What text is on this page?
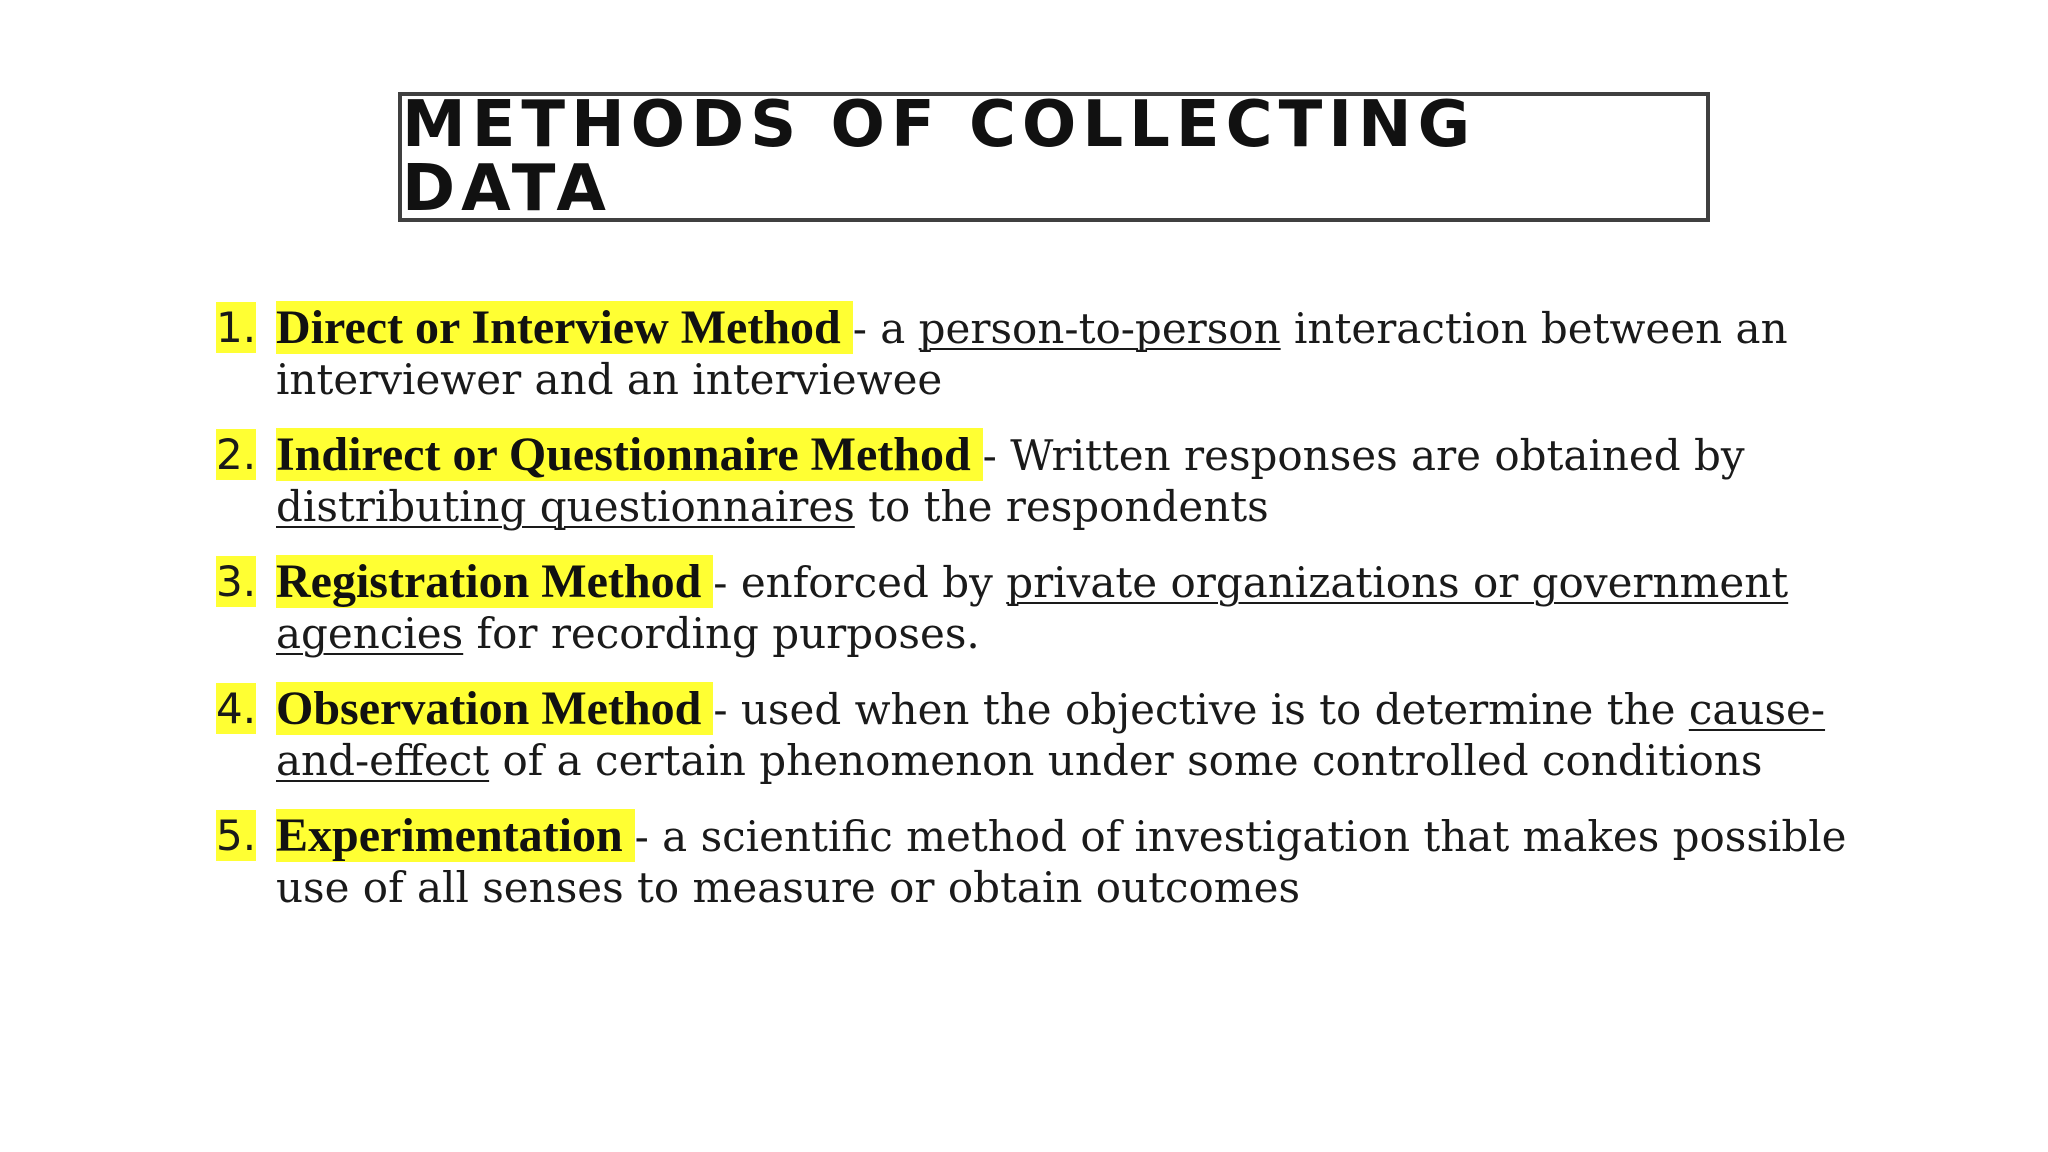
METHODS OF COLLECTING DATA
1. Direct or Interview Method - a person-to-person interaction between an interviewer and an interviewee
2. Indirect or Questionnaire Method - Written responses are obtained by distributing questionnaires to the respondents
3. Registration Method - enforced by private organizations or government agencies for recording purposes.
4. Observation Method - used when the objective is to determine the cause-and-effect of a certain phenomenon under some controlled conditions
5. Experimentation - a scientific method of investigation that makes possible use of all senses to measure or obtain outcomes
